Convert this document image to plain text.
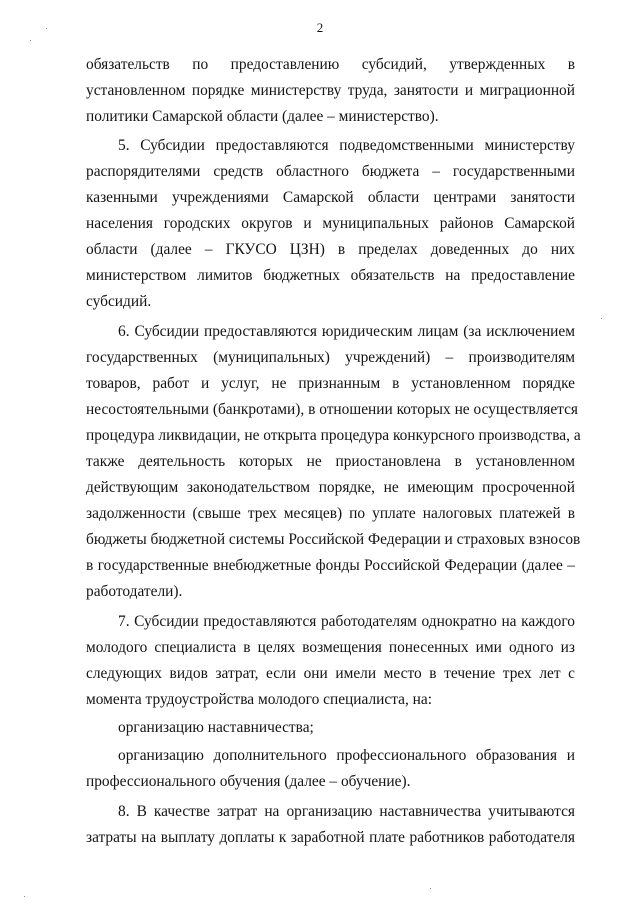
2
обязательств по предоставлению субсидий, утвержденных в
установленном порядке министерству труда, занятости и миграционной
политики Самарской области (далее – министерство).
5. Субсидии предоставляются подведомственными министерству
распорядителями средств областного бюджета – государственными
казенными учреждениями Самарской области центрами занятости
населения городских округов и муниципальных районов Самарской
области (далее – ГКУСО ЦЗН) в пределах доведенных до них
министерством лимитов бюджетных обязательств на предоставление
субсидий.
6. Субсидии предоставляются юридическим лицам (за исключением
государственных (муниципальных) учреждений) – производителям
товаров, работ и услуг, не признанным в установленном порядке
несостоятельными (банкротами), в отношении которых не осуществляется
процедура ликвидации, не открыта процедура конкурсного производства, а
также деятельность которых не приостановлена в установленном
действующим законодательством порядке, не имеющим просроченной
задолженности (свыше трех месяцев) по уплате налоговых платежей в
бюджеты бюджетной системы Российской Федерации и страховых взносов
в государственные внебюджетные фонды Российской Федерации (далее –
работодатели).
7. Субсидии предоставляются работодателям однократно на каждого
молодого специалиста в целях возмещения понесенных ими одного из
следующих видов затрат, если они имели место в течение трех лет с
момента трудоустройства молодого специалиста, на:
организацию наставничества;
организацию дополнительного профессионального образования и
профессионального обучения (далее – обучение).
8. В качестве затрат на организацию наставничества учитываются
затраты на выплату доплаты к заработной плате работников работодателя
